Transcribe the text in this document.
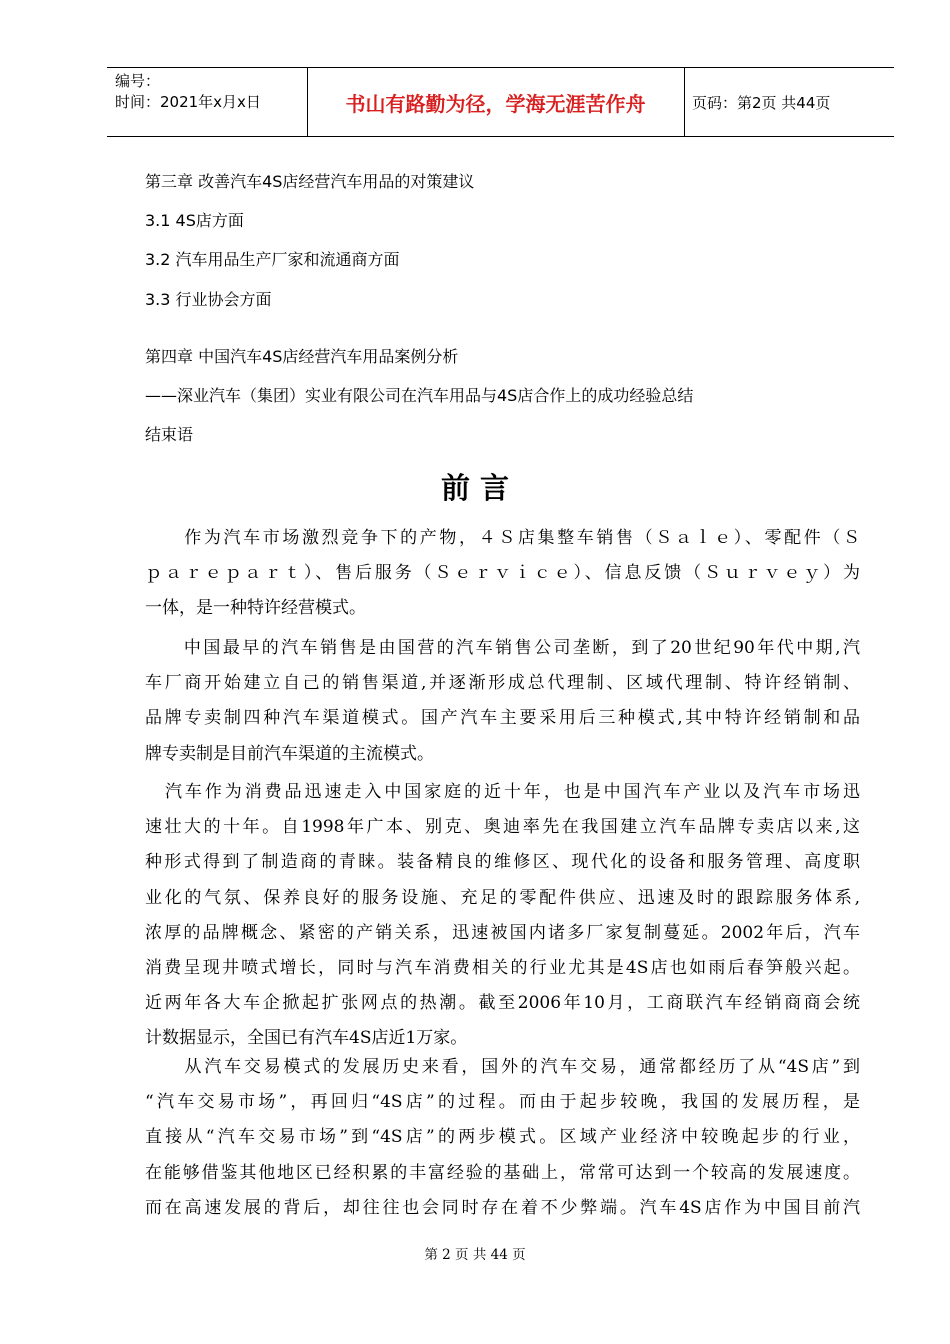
编号：
时间：2021年x月x日	书山有路勤为径，学海无涯苦作舟	页码：第2页 共44页
第三章 改善汽车4S店经营汽车用品的对策建议
3.1 4S店方面
3.2 汽车用品生产厂家和流通商方面
3.3 行业协会方面
第四章 中国汽车4S店经营汽车用品案例分析
——深业汽车（集团）实业有限公司在汽车用品与4S店合作上的成功经验总结
结束语
前 言

　　作为汽车市场激烈竞争下的产物，４Ｓ店集整车销售（Ｓａｌｅ）、零配件（Ｓ

ｐａｒｅｐａｒｔ）、售后服务（Ｓｅｒｖｉｃｅ）、信息反馈（Ｓｕｒｖｅｙ）为

一体，是一种特许经营模式。

　　中国最早的汽车销售是由国营的汽车销售公司垄断，到了20世纪90年代中期,汽

车厂商开始建立自己的销售渠道,并逐渐形成总代理制、区域代理制、特许经销制、

品牌专卖制四种汽车渠道模式。国产汽车主要采用后三种模式,其中特许经销制和品

牌专卖制是目前汽车渠道的主流模式。

　汽车作为消费品迅速走入中国家庭的近十年，也是中国汽车产业以及汽车市场迅

速壮大的十年。自1998年广本、别克、奥迪率先在我国建立汽车品牌专卖店以来,这

种形式得到了制造商的青睐。装备精良的维修区、现代化的设备和服务管理、高度职

业化的气氛、保养良好的服务设施、充足的零配件供应、迅速及时的跟踪服务体系,

浓厚的品牌概念、紧密的产销关系，迅速被国内诸多厂家复制蔓延。2002年后，汽车

消费呈现井喷式增长，同时与汽车消费相关的行业尤其是4S店也如雨后春笋般兴起。

近两年各大车企掀起扩张网点的热潮。截至2006年10月，工商联汽车经销商商会统

计数据显示，全国已有汽车4S店近1万家。

　　从汽车交易模式的发展历史来看，国外的汽车交易，通常都经历了从“4S店”到

“汽车交易市场”，再回归“4S店”的过程。而由于起步较晚，我国的发展历程，是

直接从“汽车交易市场”到“4S店”的两步模式。区域产业经济中较晚起步的行业，

在能够借鉴其他地区已经积累的丰富经验的基础上，常常可达到一个较高的发展速度。

而在高速发展的背后，却往往也会同时存在着不少弊端。汽车4S店作为中国目前汽

第 2 页 共 44 页
